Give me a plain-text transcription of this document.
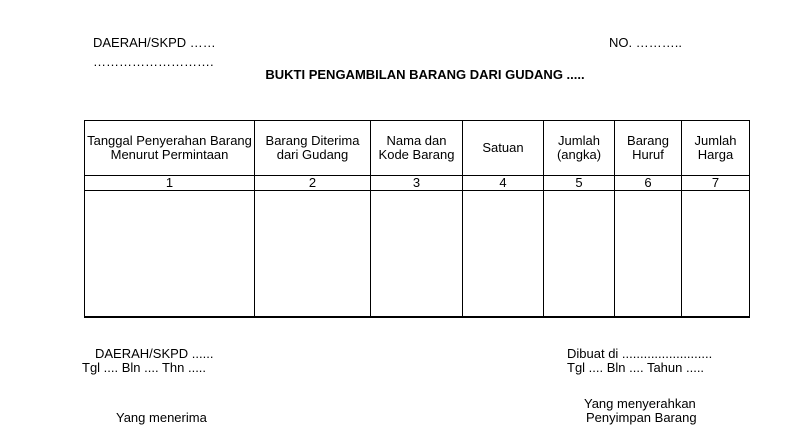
DAERAH/SKPD ……
……………………….
NO. ………..
BUKTI PENGAMBILAN BARANG DARI GUDANG .....
Tanggal Penyerahan Barang Menurut Permintaan	Barang Diterima dari Gudang	Nama dan Kode Barang	Satuan	Jumlah (angka)	Barang Huruf	Jumlah Harga
1	2	3	4	5	6	7

DAERAH/SKPD ......
Tgl .... Bln .... Thn .....
Dibuat di .........................
Tgl .... Bln .... Tahun .....
Yang menyerahkan
Penyimpan Barang
Yang menerima
